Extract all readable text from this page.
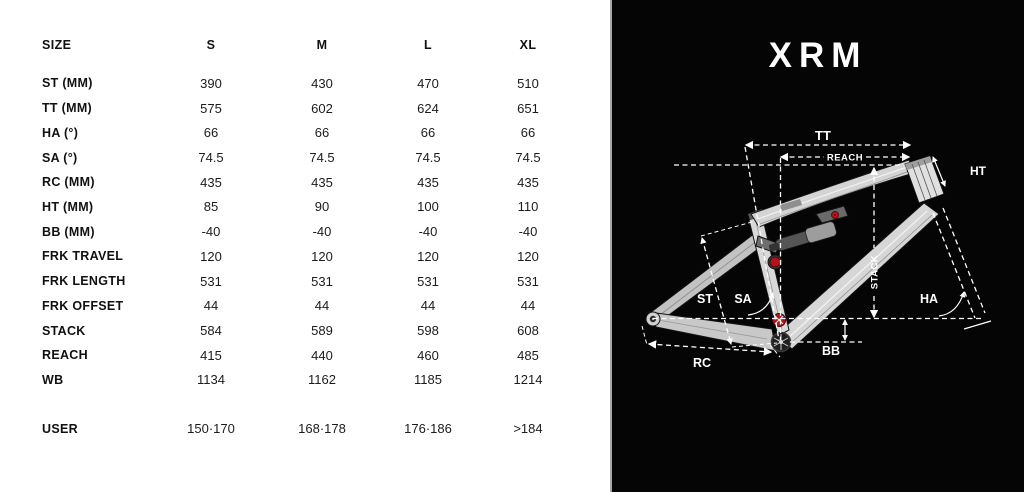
SIZE	S	M	L	XL
ST (MM)	390	430	470	510
TT (MM)	575	602	624	651
HA (°)	66	66	66	66
SA (°)	74.5	74.5	74.5	74.5
RC (MM)	435	435	435	435
HT (MM)	85	90	100	110
BB (MM)	-40	-40	-40	-40
FRK TRAVEL	120	120	120	120
FRK LENGTH	531	531	531	531
FRK OFFSET	44	44	44	44
STACK	584	589	598	608
REACH	415	440	460	485
WB	1134	1162	1185	1214
USER	150·170	168·178	176·186	>184
XRM
TT
REACH
STACK
BB
HA
HT
RC
ST SA
